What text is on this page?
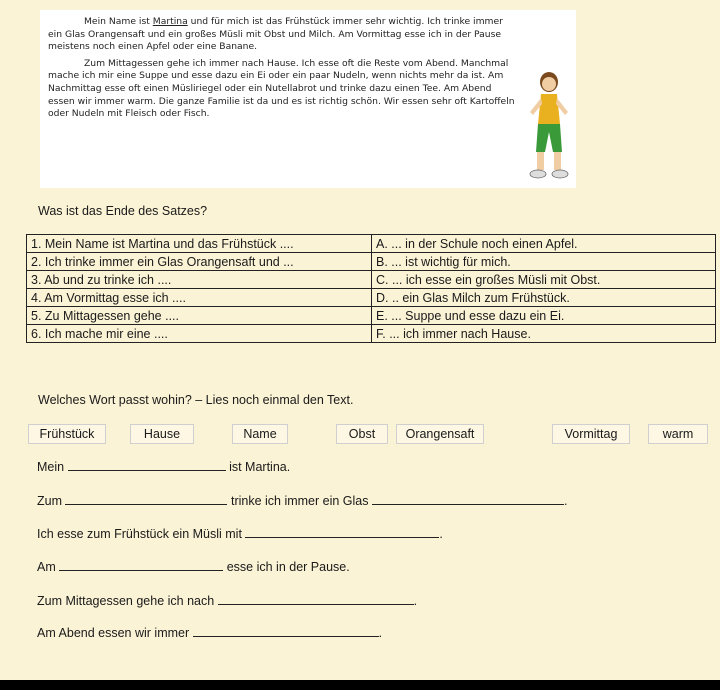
Mein Name ist Martina und für mich ist das Frühstück immer sehr wichtig. Ich trinke immer ein Glas Orangensaft und ein großes Müsli mit Obst und Milch. Am Vormittag esse ich in der Pause meistens noch einen Apfel oder eine Banane.

Zum Mittagessen gehe ich immer nach Hause. Ich esse oft die Reste vom Abend. Manchmal mache ich mir eine Suppe und esse dazu ein Ei oder ein paar Nudeln, wenn nichts mehr da ist. Am Nachmittag esse oft einen Müsliriegel oder ein Nutellabrot und trinke dazu einen Tee. Am Abend essen wir immer warm. Die ganze Familie ist da und es ist richtig schön. Wir essen sehr oft Kartoffeln oder Nudeln mit Fleisch oder Fisch.

Was ist das Ende des Satzes?
1. Mein Name ist Martina und das Frühstück ....	A. ... in der Schule noch einen Apfel.
2. Ich trinke immer ein Glas Orangensaft und ...	B. ... ist wichtig für mich.
3. Ab und zu trinke ich ....	C. ... ich esse ein großes Müsli mit Obst.
4. Am Vormittag esse ich ....	D. .. ein Glas Milch zum Frühstück.
5. Zu Mittagessen gehe ....	E. ... Suppe und esse dazu ein Ei.
6. Ich mache mir eine ....	F. ... ich immer nach Hause.
Welches Wort passt wohin? – Lies noch einmal den Text.
Frühstück	Hause	Name	Obst	Orangensaft	Vormittag	warm
Mein	ist Martina.
Zum	trinke ich immer ein Glas	.
Ich esse zum Frühstück ein Müsli mit	.
Am	esse ich in der Pause.
Zum Mittagessen gehe ich nach	.
Am Abend essen wir immer	.
